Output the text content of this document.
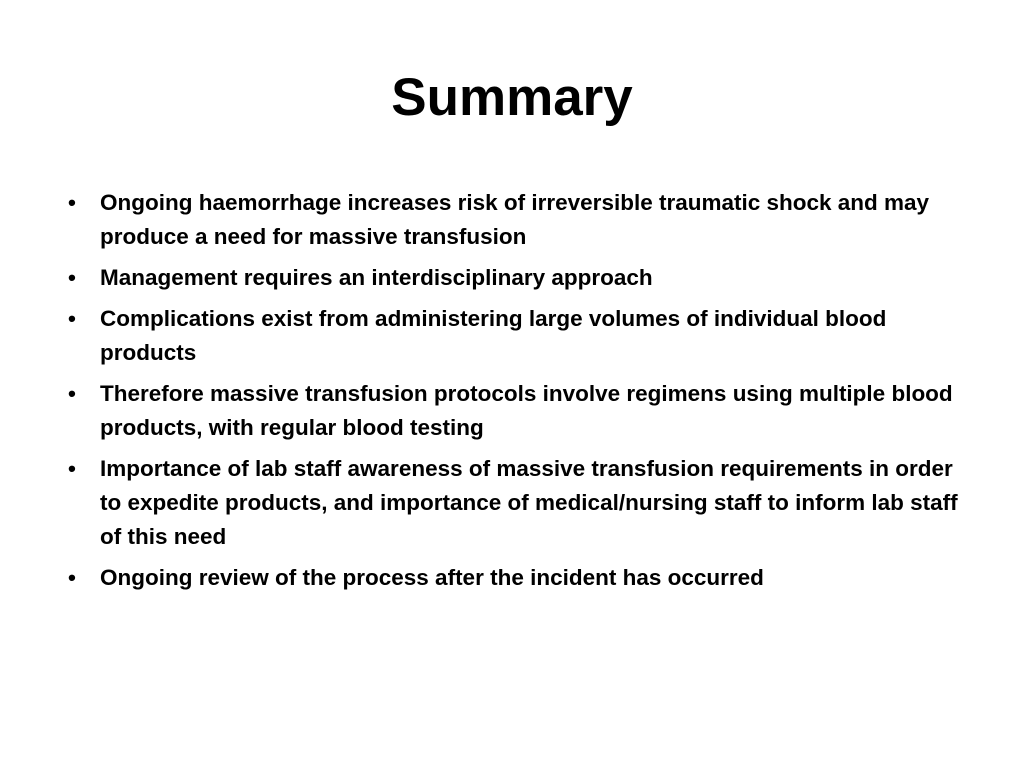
Summary
• Ongoing haemorrhage increases risk of irreversible traumatic shock and may produce a need for massive transfusion
• Management requires an interdisciplinary approach
• Complications exist from administering large volumes of individual blood products
• Therefore massive transfusion protocols involve regimens using multiple blood products, with regular blood testing
• Importance of lab staff awareness of massive transfusion requirements in order to expedite products, and importance of medical/nursing staff to inform lab staff of this need
• Ongoing review of the process after the incident has occurred
